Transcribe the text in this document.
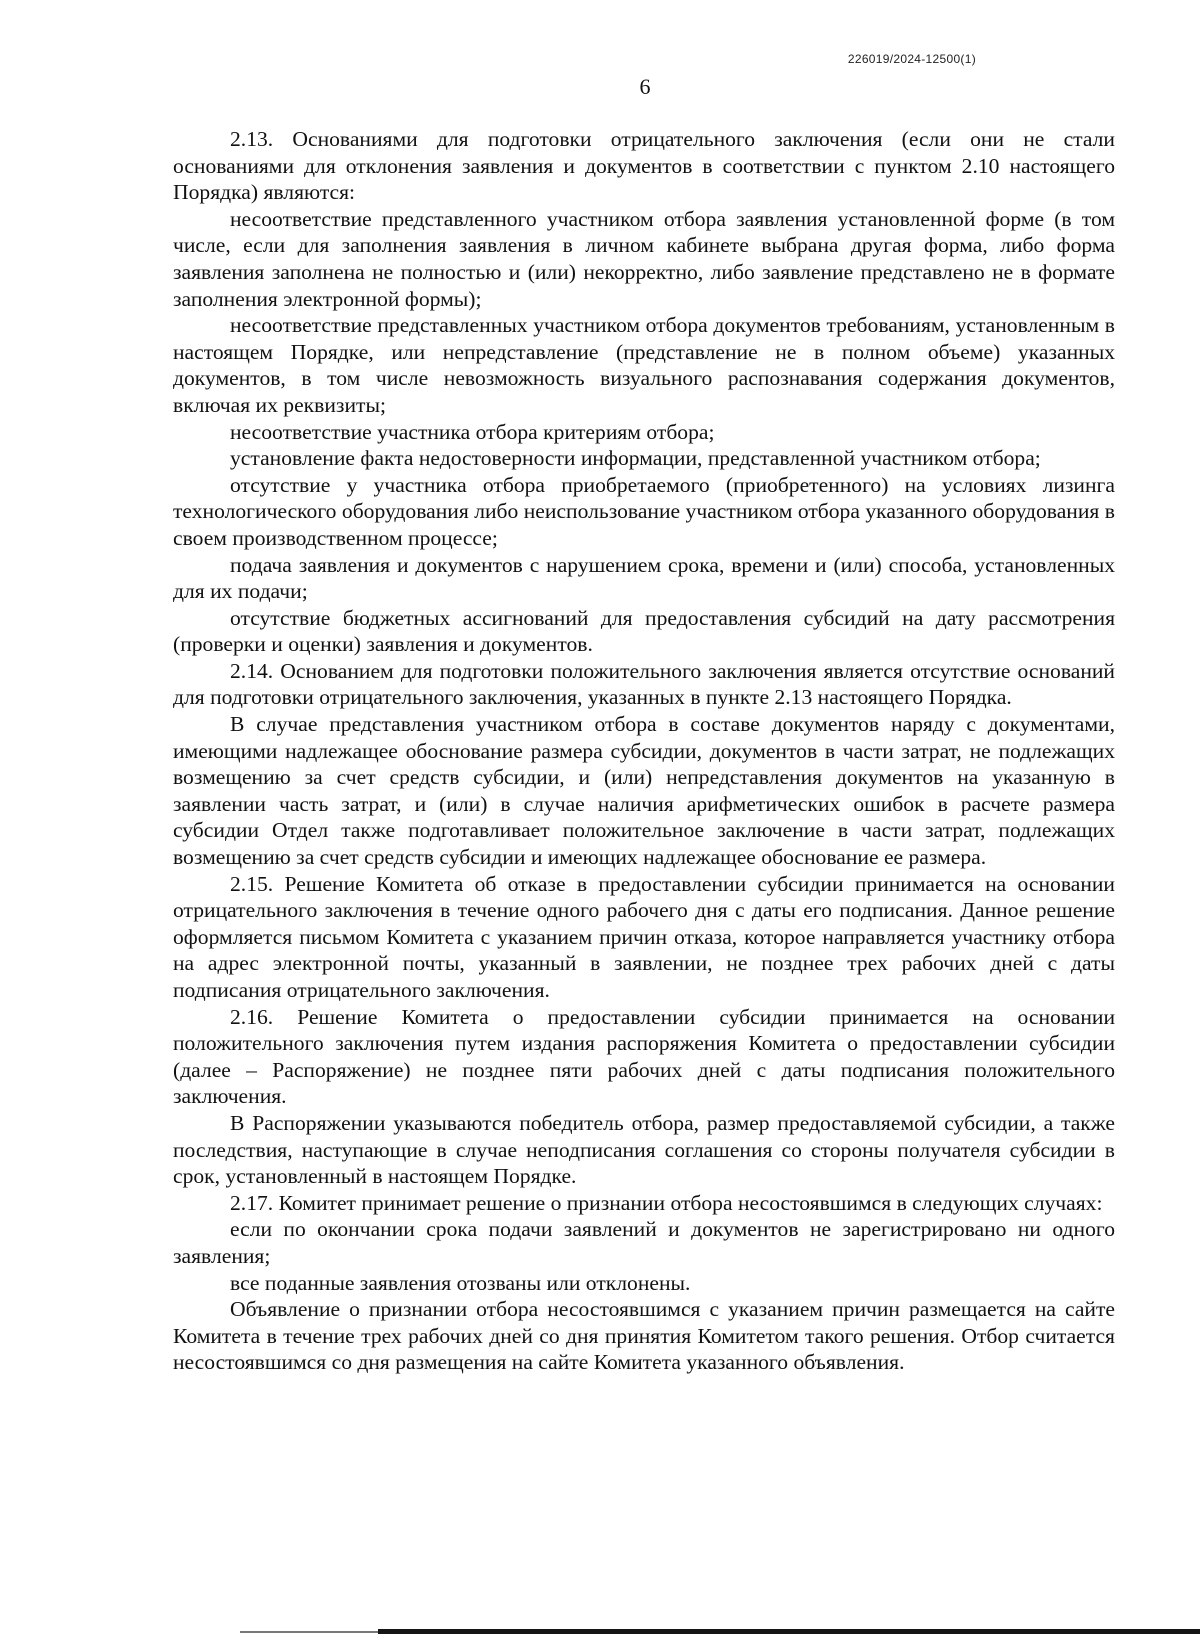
226019/2024-12500(1)
6

2.13. Основаниями для подготовки отрицательного заключения (если они не стали основаниями для отклонения заявления и документов в соответствии с пунктом 2.10 настоящего Порядка) являются:

несоответствие представленного участником отбора заявления установленной форме (в том числе, если для заполнения заявления в личном кабинете выбрана другая форма, либо форма заявления заполнена не полностью и (или) некорректно, либо заявление представлено не в формате заполнения электронной формы);

несоответствие представленных участником отбора документов требованиям, установленным в настоящем Порядке, или непредставление (представление не в полном объеме) указанных документов, в том числе невозможность визуального распознавания содержания документов, включая их реквизиты;

несоответствие участника отбора критериям отбора;

установление факта недостоверности информации, представленной участником отбора;

отсутствие у участника отбора приобретаемого (приобретенного) на условиях лизинга технологического оборудования либо неиспользование участником отбора указанного оборудования в своем производственном процессе;

подача заявления и документов с нарушением срока, времени и (или) способа, установленных для их подачи;

отсутствие бюджетных ассигнований для предоставления субсидий на дату рассмотрения (проверки и оценки) заявления и документов.

2.14. Основанием для подготовки положительного заключения является отсутствие оснований для подготовки отрицательного заключения, указанных в пункте 2.13 настоящего Порядка.

В случае представления участником отбора в составе документов наряду с документами, имеющими надлежащее обоснование размера субсидии, документов в части затрат, не подлежащих возмещению за счет средств субсидии, и (или) непредставления документов на указанную в заявлении часть затрат, и (или) в случае наличия арифметических ошибок в расчете размера субсидии Отдел также подготавливает положительное заключение в части затрат, подлежащих возмещению за счет средств субсидии и имеющих надлежащее обоснование ее размера.

2.15. Решение Комитета об отказе в предоставлении субсидии принимается на основании отрицательного заключения в течение одного рабочего дня с даты его подписания. Данное решение оформляется письмом Комитета с указанием причин отказа, которое направляется участнику отбора на адрес электронной почты, указанный в заявлении, не позднее трех рабочих дней с даты подписания отрицательного заключения.

2.16. Решение Комитета о предоставлении субсидии принимается на основании положительного заключения путем издания распоряжения Комитета о предоставлении субсидии (далее – Распоряжение) не позднее пяти рабочих дней с даты подписания положительного заключения.

В Распоряжении указываются победитель отбора, размер предоставляемой субсидии, а также последствия, наступающие в случае неподписания соглашения со стороны получателя субсидии в срок, установленный в настоящем Порядке.

2.17. Комитет принимает решение о признании отбора несостоявшимся в следующих случаях:

если по окончании срока подачи заявлений и документов не зарегистрировано ни одного заявления;

все поданные заявления отозваны или отклонены.

Объявление о признании отбора несостоявшимся с указанием причин размещается на сайте Комитета в течение трех рабочих дней со дня принятия Комитетом такого решения. Отбор считается несостоявшимся со дня размещения на сайте Комитета указанного объявления.
